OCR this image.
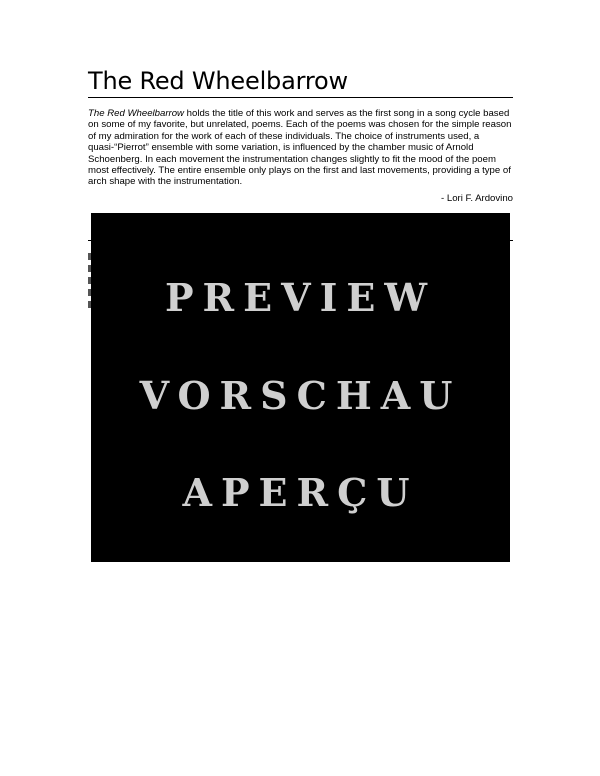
The Red Wheelbarrow

The Red Wheelbarrow holds the title of this work and serves as the first song in a song cycle based on some of my favorite, but unrelated, poems. Each of the poems was chosen for the simple reason of my admiration for the work of each of these individuals. The choice of instruments used, a quasi-“Pierrot” ensemble with some variation, is influenced by the chamber music of Arnold Schoenberg. In each movement the instrumentation changes slightly to fit the mood of the poem most effectively. The entire ensemble only plays on the first and last movements, providing a type of arch shape with the instrumentation.

- Lori F. Ardovino
PREVIEW
VORSCHAU
APERÇU
